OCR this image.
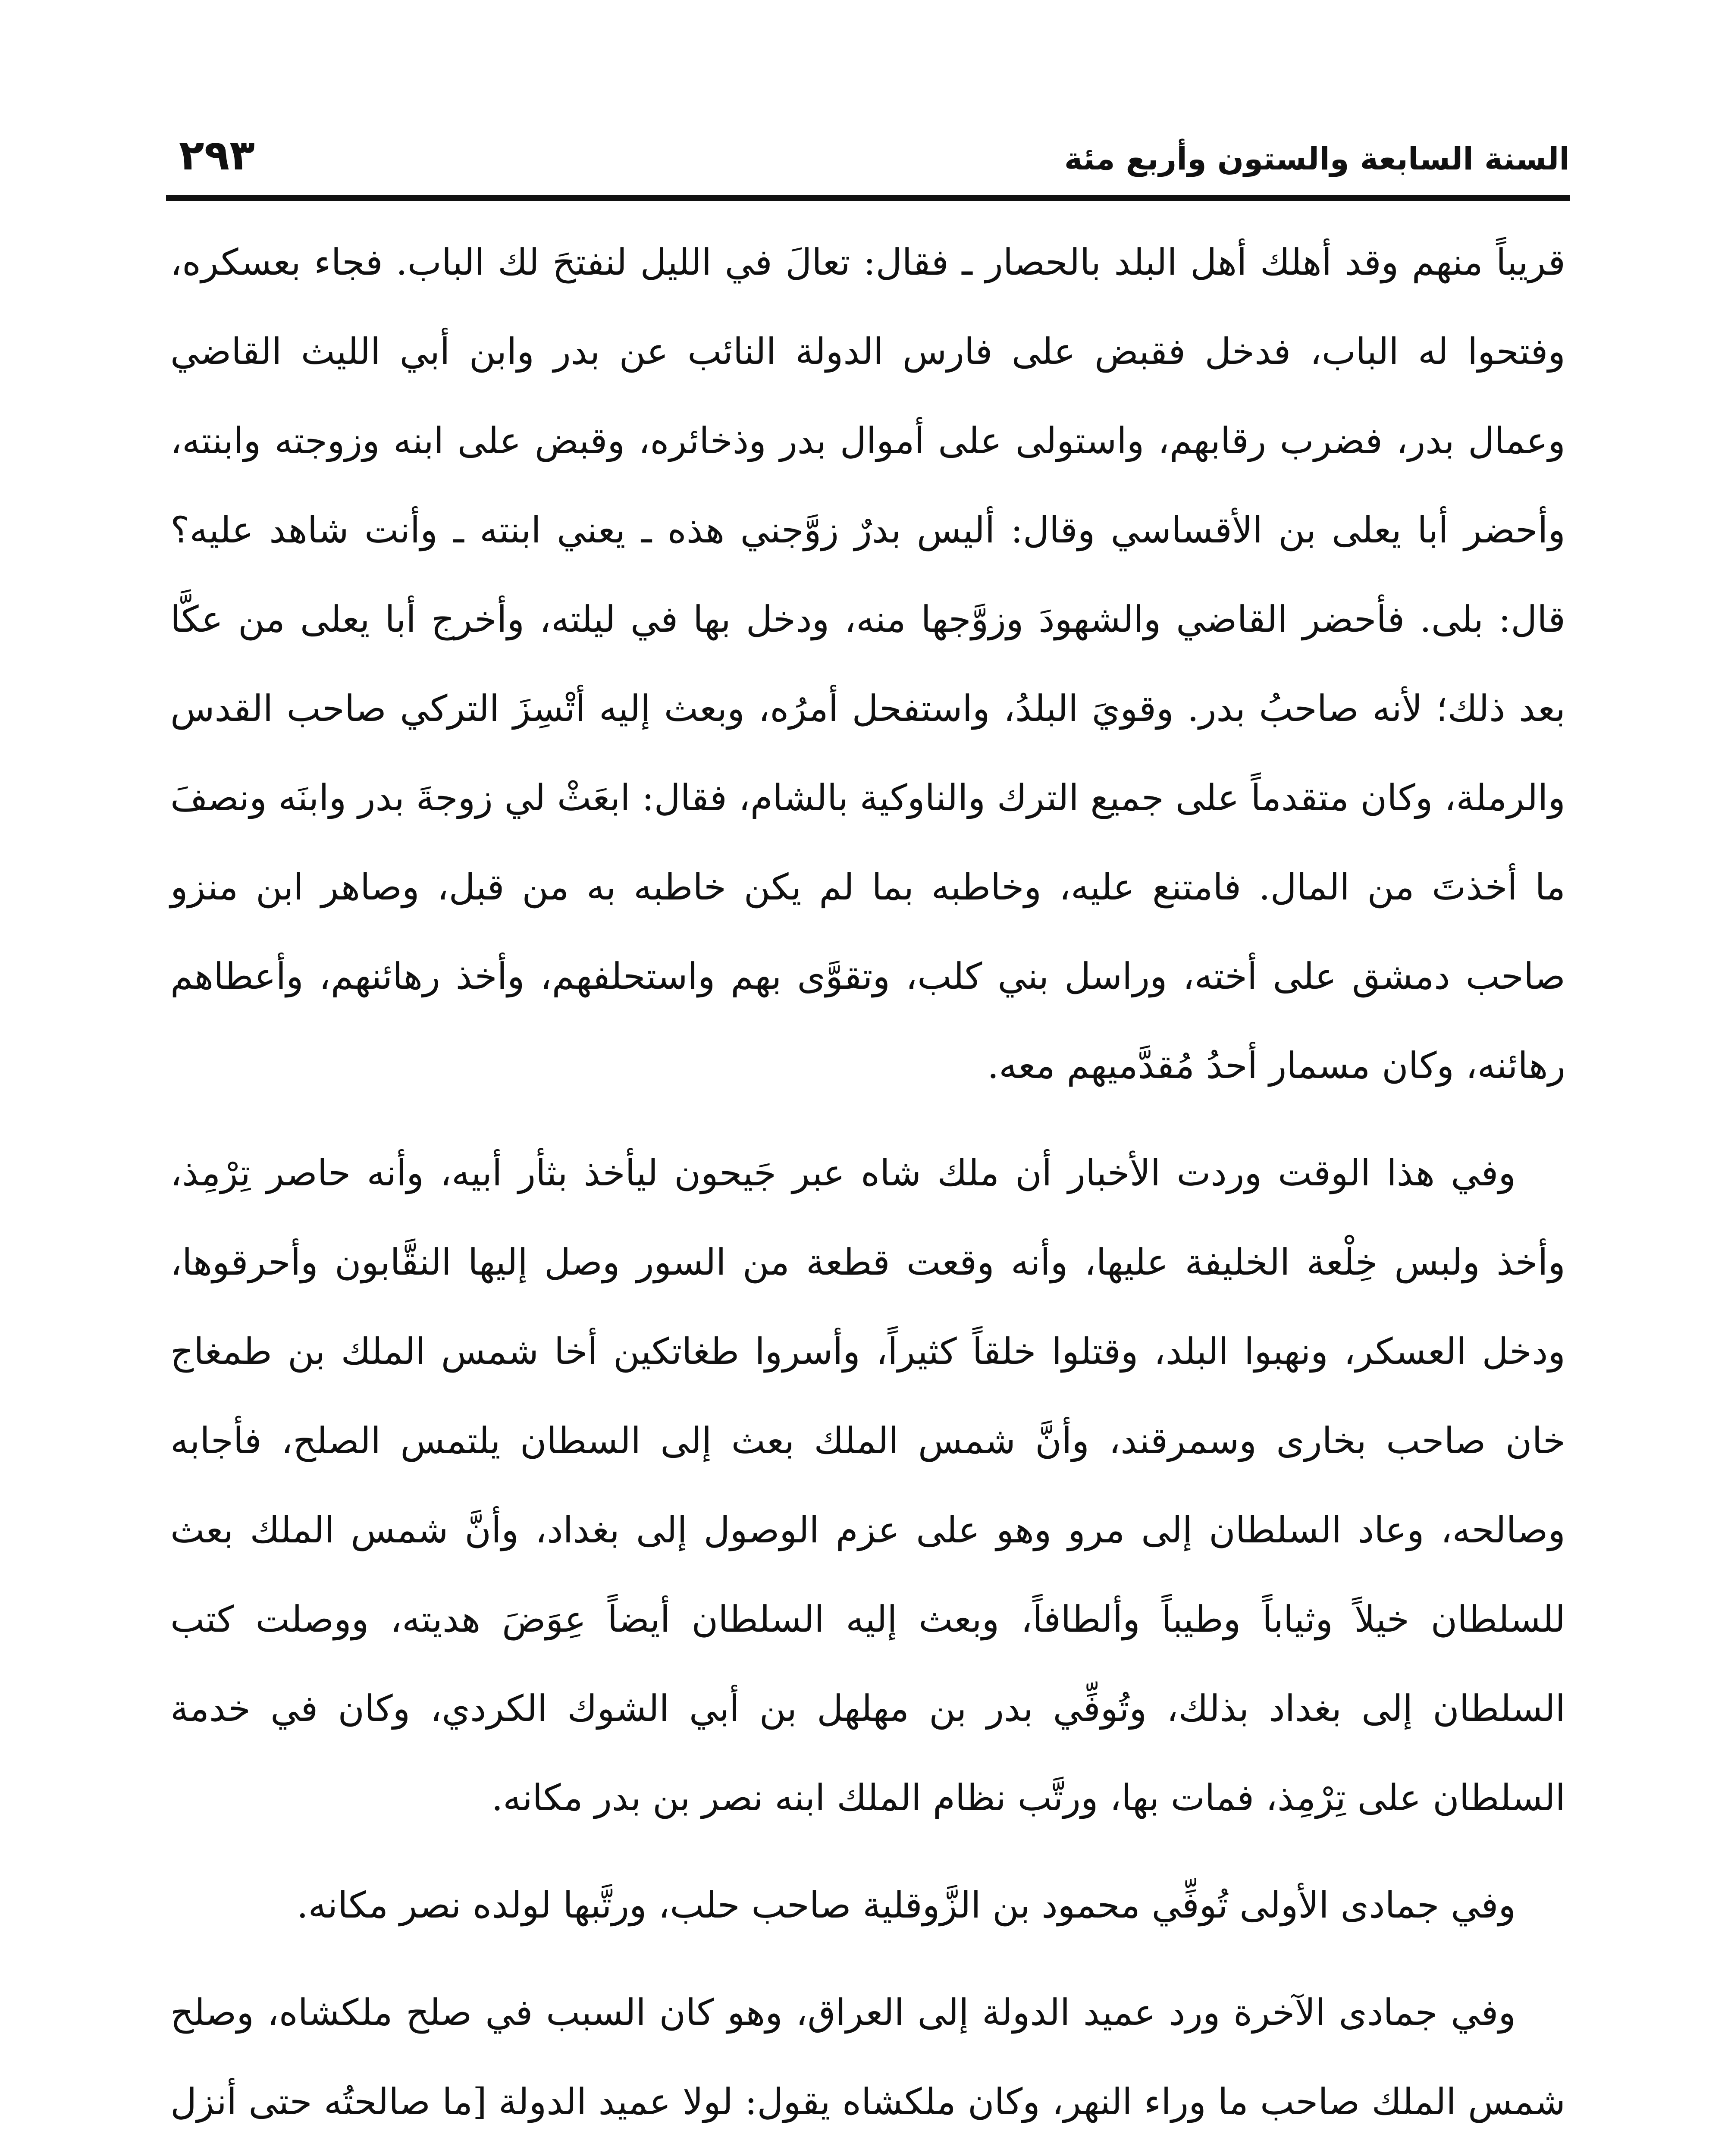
السنة السابعة والستون وأربع مئة
٢٩٣

قريباً منهم وقد أهلك أهل البلد بالحصار ـ فقال: تعالَ في الليل لنفتحَ لك الباب. فجاء بعسكره، وفتحوا له الباب، فدخل فقبض على فارس الدولة النائب عن بدر وابن أبي الليث القاضي وعمال بدر، فضرب رقابهم، واستولى على أموال بدر وذخائره، وقبض على ابنه وزوجته وابنته، وأحضر أبا يعلى بن الأقساسي وقال: أليس بدرٌ زوَّجني هذه ـ يعني ابنته ـ وأنت شاهد عليه؟ قال: بلى. فأحضر القاضي والشهودَ وزوَّجها منه، ودخل بها في ليلته، وأخرج أبا يعلى من عكَّا بعد ذلك؛ لأنه صاحبُ بدر. وقويَ البلدُ، واستفحل أمرُه، وبعث إليه أتْسِزَ التركي صاحب القدس والرملة، وكان متقدماً على جميع الترك والناوكية بالشام، فقال: ابعَثْ لي زوجةَ بدر وابنَه ونصفَ ما أخذتَ من المال. فامتنع عليه، وخاطبه بما لم يكن خاطبه به من قبل، وصاهر ابن منزو صاحب دمشق على أخته، وراسل بني كلب، وتقوَّى بهم واستحلفهم، وأخذ رهائنهم، وأعطاهم رهائنه، وكان مسمار أحدُ مُقدَّميهم معه.

وفي هذا الوقت وردت الأخبار أن ملك شاه عبر جَيحون ليأخذ بثأر أبيه، وأنه حاصر تِرْمِذ، وأخذ ولبس خِلْعة الخليفة عليها، وأنه وقعت قطعة من السور وصل إليها النقَّابون وأحرقوها، ودخل العسكر، ونهبوا البلد، وقتلوا خلقاً كثيراً، وأسروا طغاتكين أخا شمس الملك بن طمغاج خان صاحب بخارى وسمرقند، وأنَّ شمس الملك بعث إلى السطان يلتمس الصلح، فأجابه وصالحه، وعاد السلطان إلى مرو وهو على عزم الوصول إلى بغداد، وأنَّ شمس الملك بعث للسلطان خيلاً وثياباً وطيباً وألطافاً، وبعث إليه السلطان أيضاً عِوَضَ هديته، ووصلت كتب السلطان إلى بغداد بذلك، وتُوفِّي بدر بن مهلهل بن أبي الشوك الكردي، وكان في خدمة السلطان على تِرْمِذ، فمات بها، ورتَّب نظام الملك ابنه نصر بن بدر مكانه.

وفي جمادى الأولى تُوفِّي محمود بن الزَّوقلية صاحب حلب، ورتَّبها لولده نصر مكانه.

وفي جمادى الآخرة ورد عميد الدولة إلى العراق، وهو كان السبب في صلح ملكشاه، وصلح شمس الملك صاحب ما وراء النهر، وكان ملكشاه يقول: لولا عميد الدولة [ما صالحتُه حتى أنزل
